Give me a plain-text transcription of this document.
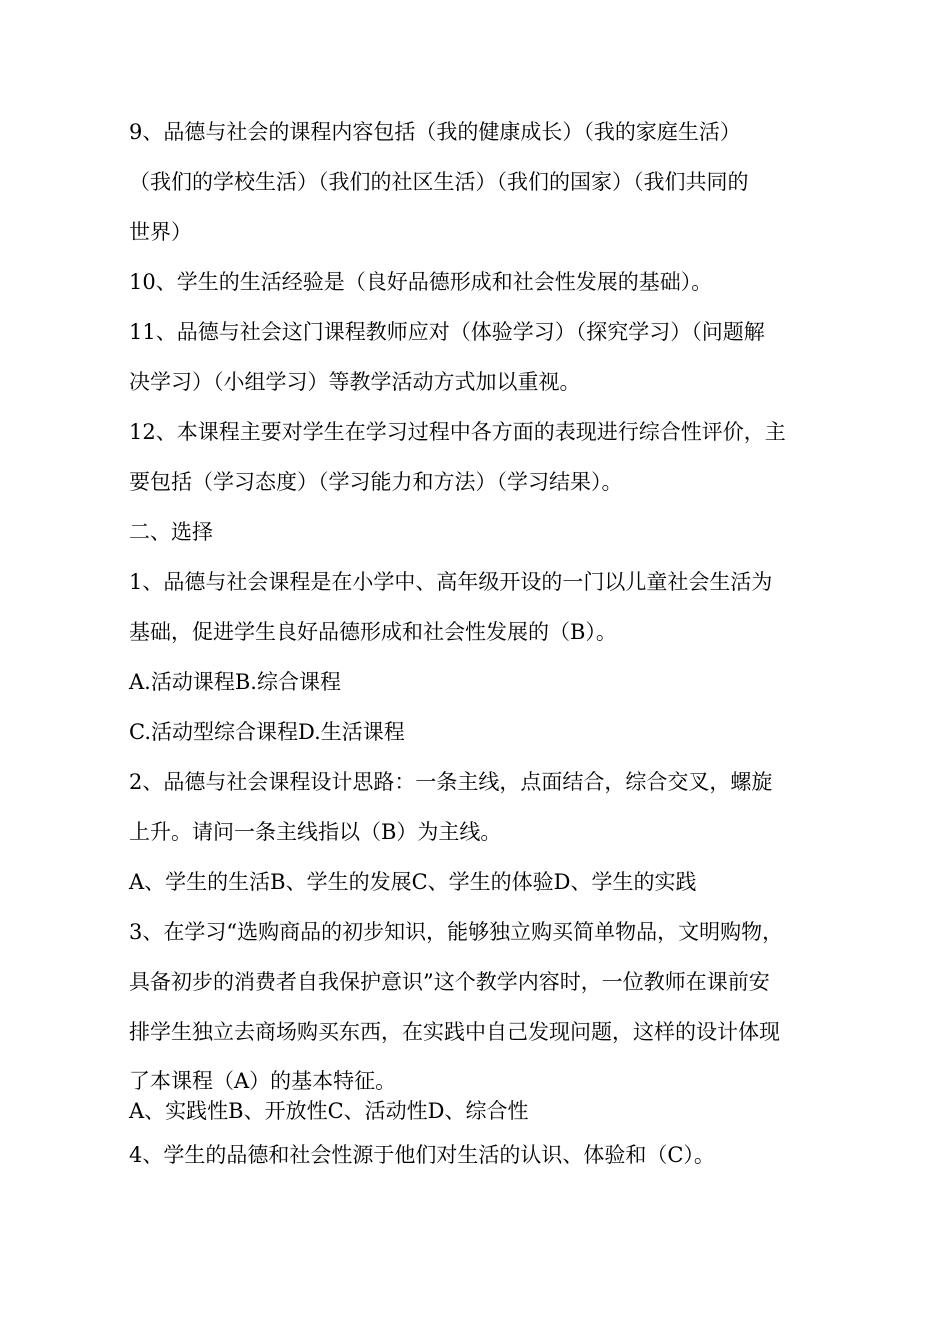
9、品德与社会的课程内容包括（我的健康成长）（我的家庭生活）
（我们的学校生活）（我们的社区生活）（我们的国家）（我们共同的
世界）
10、学生的生活经验是（良好品德形成和社会性发展的基础）。
11、品德与社会这门课程教师应对（体验学习）（探究学习）（问题解
决学习）（小组学习）等教学活动方式加以重视。
12、本课程主要对学生在学习过程中各方面的表现进行综合性评价，主
要包括（学习态度）（学习能力和方法）（学习结果）。
二、选择
1、品德与社会课程是在小学中、高年级开设的一门以儿童社会生活为
基础，促进学生良好品德形成和社会性发展的（B）。
A.活动课程B.综合课程
C.活动型综合课程D.生活课程
2、品德与社会课程设计思路：一条主线，点面结合，综合交叉，螺旋
上升。请问一条主线指以（B）为主线。
A、学生的生活B、学生的发展C、学生的体验D、学生的实践
3、在学习“选购商品的初步知识，能够独立购买简单物品，文明购物，
具备初步的消费者自我保护意识”这个教学内容时，一位教师在课前安
排学生独立去商场购买东西，在实践中自己发现问题，这样的设计体现
了本课程（A）的基本特征。
A、实践性B、开放性C、活动性D、综合性
4、学生的品德和社会性源于他们对生活的认识、体验和（C）。
